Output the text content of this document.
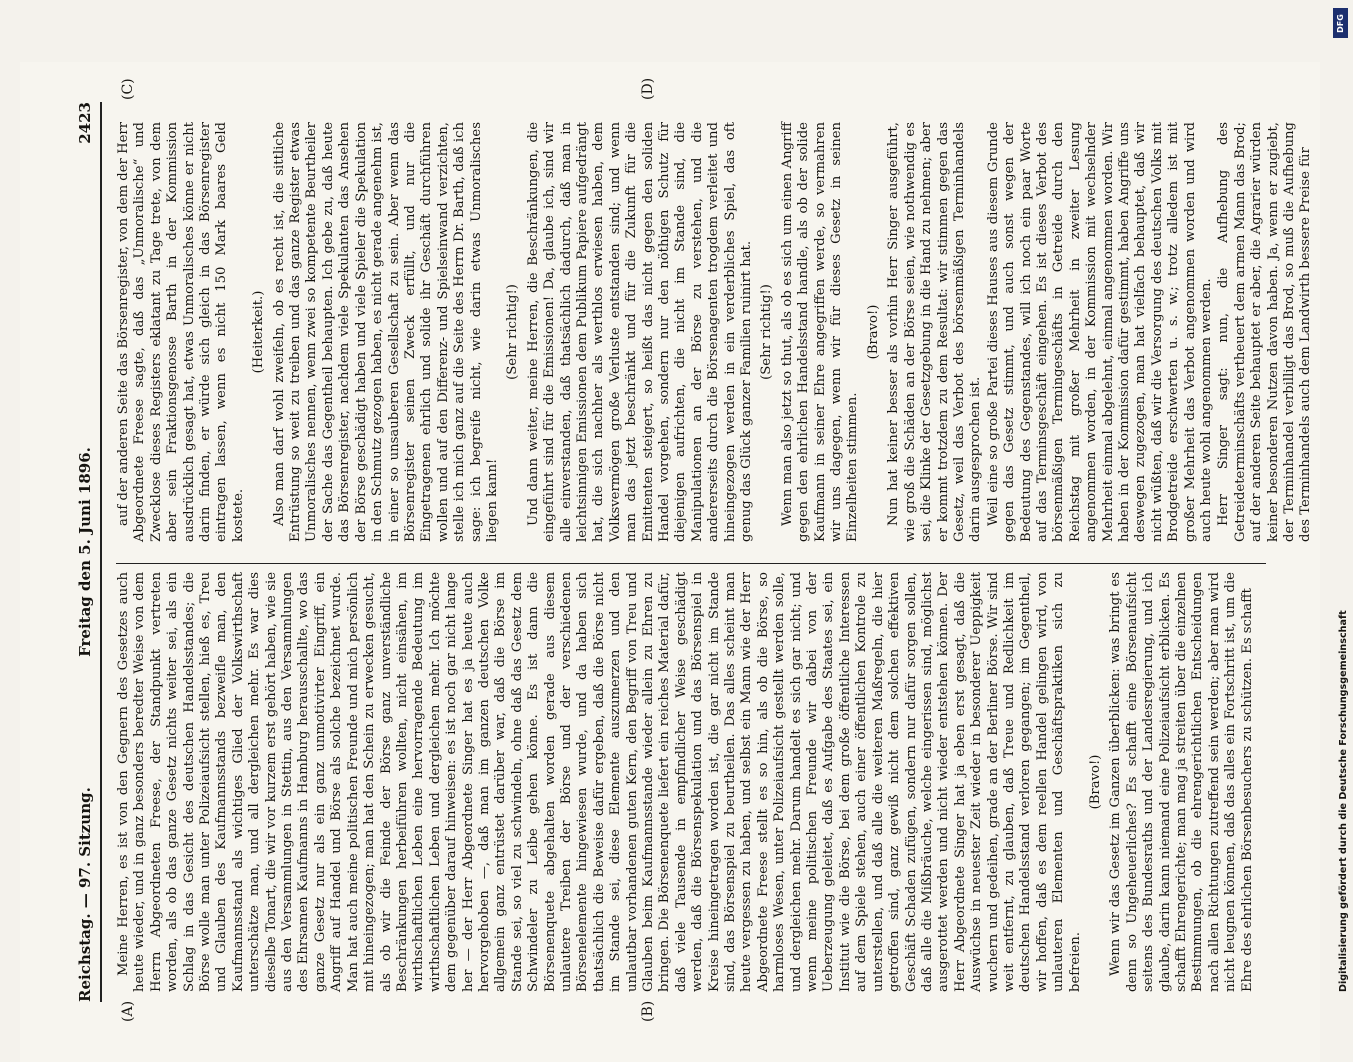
Reichstag. — 97. Sitzung.
Freitag den 5. Juni 1896.
2423
(A)	(B)
(C)	(D)

Meine Herren, es ist von den Gegnern des Gesetzes auch heute wieder, und in ganz besonders beredter Weise von dem Herrn Abgeordneten Freese, der Standpunkt vertreten worden, als ob das ganze Gesetz nichts weiter sei, als ein Schlag in das Gesicht des deutschen Handelsstandes; die Börse wolle man unter Polizeiaufsicht stellen, hieß es, Treu und Glauben des Kaufmannsstands bezweifle man, den Kaufmannsstand als wichtiges Glied der Volkswirthschaft unterschätze man, und all dergleichen mehr. Es war dies dieselbe Tonart, die wir vor kurzem erst gehört haben, wie sie aus den Versammlungen in Stettin, aus den Versammlungen des Ehrsamen Kaufmanns in Hamburg herausschallte, wo das ganze Gesetz nur als ein ganz unmotivirter Eingriff, ein Angriff auf Handel und Börse als solche bezeichnet wurde. Man hat auch meine politischen Freunde und mich persönlich mit hineingezogen; man hat den Schein zu erwecken gesucht, als ob wir die Feinde der Börse ganz unverständliche Beschränkungen herbeiführen wollten, nicht einsähen, im wirthschaftlichen Leben eine hervorragende Bedeutung im wirthschaftlichen Leben und dergleichen mehr. Ich möchte dem gegenüber darauf hinweisen: es ist noch gar nicht lange her — der Herr Abgeordnete Singer hat es ja heute auch hervorgehoben —, daß man im ganzen deutschen Volke allgemein ganz entrüstet darüber war, daß die Börse im Stande sei, so viel zu schwindeln, ohne daß das Gesetz dem Schwindeler zu Leibe gehen könne. Es ist dann die Börsenenquete abgehalten worden gerade aus diesem unlautere Treiben der Börse und der verschiedenen Börsenelemente hingewiesen wurde, und da haben sich thatsächlich die Beweise dafür ergeben, daß die Börse nicht im Stande sei, diese Elemente auszumerzen und den unlautbar vorhandenen guten Kern, den Begriff von Treu und Glauben beim Kaufmannsstande wieder allein zu Ehren zu bringen. Die Börsenenquete liefert ein reiches Material dafür, daß viele Tausende in empfindlicher Weise geschädigt werden, daß die Börsenspekulation und das Börsenspiel in Kreise hineingetragen worden ist, die gar nicht im Stande sind, das Börsenspiel zu beurtheilen. Das alles scheint man heute vergessen zu haben, und selbst ein Mann wie der Herr Abgeordnete Freese stellt es so hin, als ob die Börse, so harmloses Wesen, unter Polizeiaufsicht gestellt werden solle, und dergleichen mehr. Darum handelt es sich gar nicht; und wenn meine politischen Freunde wir dabei von der Ueberzeugung geleitet, daß es Aufgabe des Staates sei, ein Institut wie die Börse, bei dem große öffentliche Interessen auf dem Spiele stehen, auch einer öffentlichen Kontrole zu unterstellen, und daß alle die weiteren Maßregeln, die hier getroffen sind, ganz gewiß nicht dem solchen effektiven Geschäft Schaden zufügen, sondern nur dafür sorgen sollen, daß alle die Mißbräuche, welche eingerissen sind, möglichst ausgerottet werden und nicht wieder entstehen können. Der Herr Abgeordnete Singer hat ja eben erst gesagt, daß die Auswüchse in neuester Zeit wieder in besonderer Ueppigkeit wuchern und gedeihen, grade an der Berliner Börse. Wir sind weit entfernt, zu glauben, daß Treue und Redlichkeit im deutschen Handelsstand verloren gegangen; im Gegentheil, wir hoffen, daß es dem reellen Handel gelingen wird, von unlauteren Elementen und Geschäftspraktiken sich zu befreien.

(Bravo!) Wenn wir das Gesetz im Ganzen überblicken: was bringt es denn so Ungeheuerliches? Es schafft eine Börsenaufsicht seitens des Bundesraths und der Landesregierung, und ich glaube, darin kann niemand eine Polizeiaufsicht erblicken. Es schafft Ehrengerichte; man mag ja streiten über die einzelnen Bestimmungen, ob die ehrengerichtlichen Entscheidungen nach allen Richtungen zutreffend sein werden; aber man wird nicht leugnen können, daß das alles ein Fortschritt ist, um die Ehre des ehrlichen Börsenbesuchers zu schützen. Es schafft

auf der anderen Seite das Börsenregister, von dem der Herr Abgeordnete Freese sagte, daß das „Unmoralische“ und Zwecklose dieses Registers eklatant zu Tage trete, von dem aber sein Fraktionsgenosse Barth in der Kommission ausdrücklich gesagt hat, etwas Unmoralisches könne er nicht darin finden, er würde sich gleich in das Börsenregister eintragen lassen, wenn es nicht 150 Mark baares Geld kostete.

(Heiterkeit.) Also man darf wohl zweifeln, ob es recht ist, die sittliche Entrüstung so weit zu treiben und das ganze Register etwas Unmoralisches nennen, wenn zwei so kompetente Beurtheiler der Sache das Gegentheil behaupten. Ich gebe zu, daß heute das Börsenregister, nachdem viele Spekulanten das Ansehen der Börse geschädigt haben und viele Spieler die Spekulation in den Schmutz gezogen haben, es nicht gerade angenehm ist, in einer so unsauberen Gesellschaft zu sein. Aber wenn das Börsenregister seinen Zweck erfüllt, und nur die Eingetragenen ehrlich und solide ihr Geschäft durchführen wollen und auf den Differenz- und Spielseinwand verzichten, stelle ich mich ganz auf die Seite des Herrn Dr. Barth, daß ich sage: ich begreife nicht, wie darin etwas Unmoralisches liegen kann!

(Sehr richtig!) Und dann weiter, meine Herren, die Beschränkungen, die eingeführt sind für die Emissionen! Da, glaube ich, sind wir alle einverstanden, daß thatsächlich dadurch, daß man in leichtsinnigen Emissionen dem Publikum Papiere aufgedrängt hat, die sich nachher als werthlos erwiesen haben, dem Volksvermögen große Verluste entstanden sind; und wenn man das jetzt beschränkt und für die Zukunft für die Emittenten steigert, so heißt das nicht gegen den soliden Handel vorgehen, sondern nur den nöthigen Schutz für diejenigen aufrichten, die nicht im Stande sind, die Manipulationen an der Börse zu verstehen, und die andererseits durch die Börsenagenten trogdem verleitet und hineingezogen werden in ein verderbliches Spiel, das oft genug das Glück ganzer Familien ruinirt hat. (Sehr richtig!) Wenn man also jetzt so thut, als ob es sich um einen Angriff gegen den ehrlichen Handelsstand handle, als ob der solide Kaufmann in seiner Ehre angegriffen werde, so vermahren wir uns dagegen, wenn wir für dieses Gesetz in seinen Einzelheiten stimmen.

(Bravo!) Nun hat keiner besser als vorhin Herr Singer ausgeführt, wie groß die Schäden an der Börse seien, wie nothwendig es sei, die Klinke der Gesetzgebung in die Hand zu nehmen; aber er kommt trotzdem zu dem Resultat: wir stimmen gegen das Gesetz, weil das Verbot des börsenmäßigen Terminhandels darin ausgesprochen ist. Weil eine so große Partei dieses Hauses aus diesem Grunde gegen das Gesetz stimmt, und auch sonst wegen der Bedeutung des Gegenstandes, will ich noch ein paar Worte auf das Terminsgeschäft eingehen. Es ist dieses Verbot des börsenmäßigen Termingeschäfts in Getreide durch den Reichstag mit großer Mehrheit in zweiter Lesung angenommen worden, in der Kommission mit wechselnder Mehrheit einmal abgelehnt, einmal angenommen worden. Wir haben in der Kommission dafür gestimmt, haben Angriffe uns deswegen zugezogen, man hat vielfach behauptet, daß wir nicht wüßten, daß wir die Versorgung des deutschen Volks mit Brodgetreide erschwerten u. s. w.; trotz alledem ist mit großer Mehrheit das Verbot angenommen worden und wird auch heute wohl angenommen werden. Herr Singer sagt: nun, die Aufhebung des Getreideterminschäfts vertheuert dem armen Mann das Brod; auf der anderen Seite behauptet er aber, die Agrarier würden keiner besonderen Nutzen davon haben. Ja, wenn er zugiebt, der Terminhandel verbilligt das Brod, so muß die Aufhebung des Terminhandels auch dem Landwirth bessere Preise für

DFG
Digitalisierung gefördert durch die Deutsche Forschungsgemeinschaft
